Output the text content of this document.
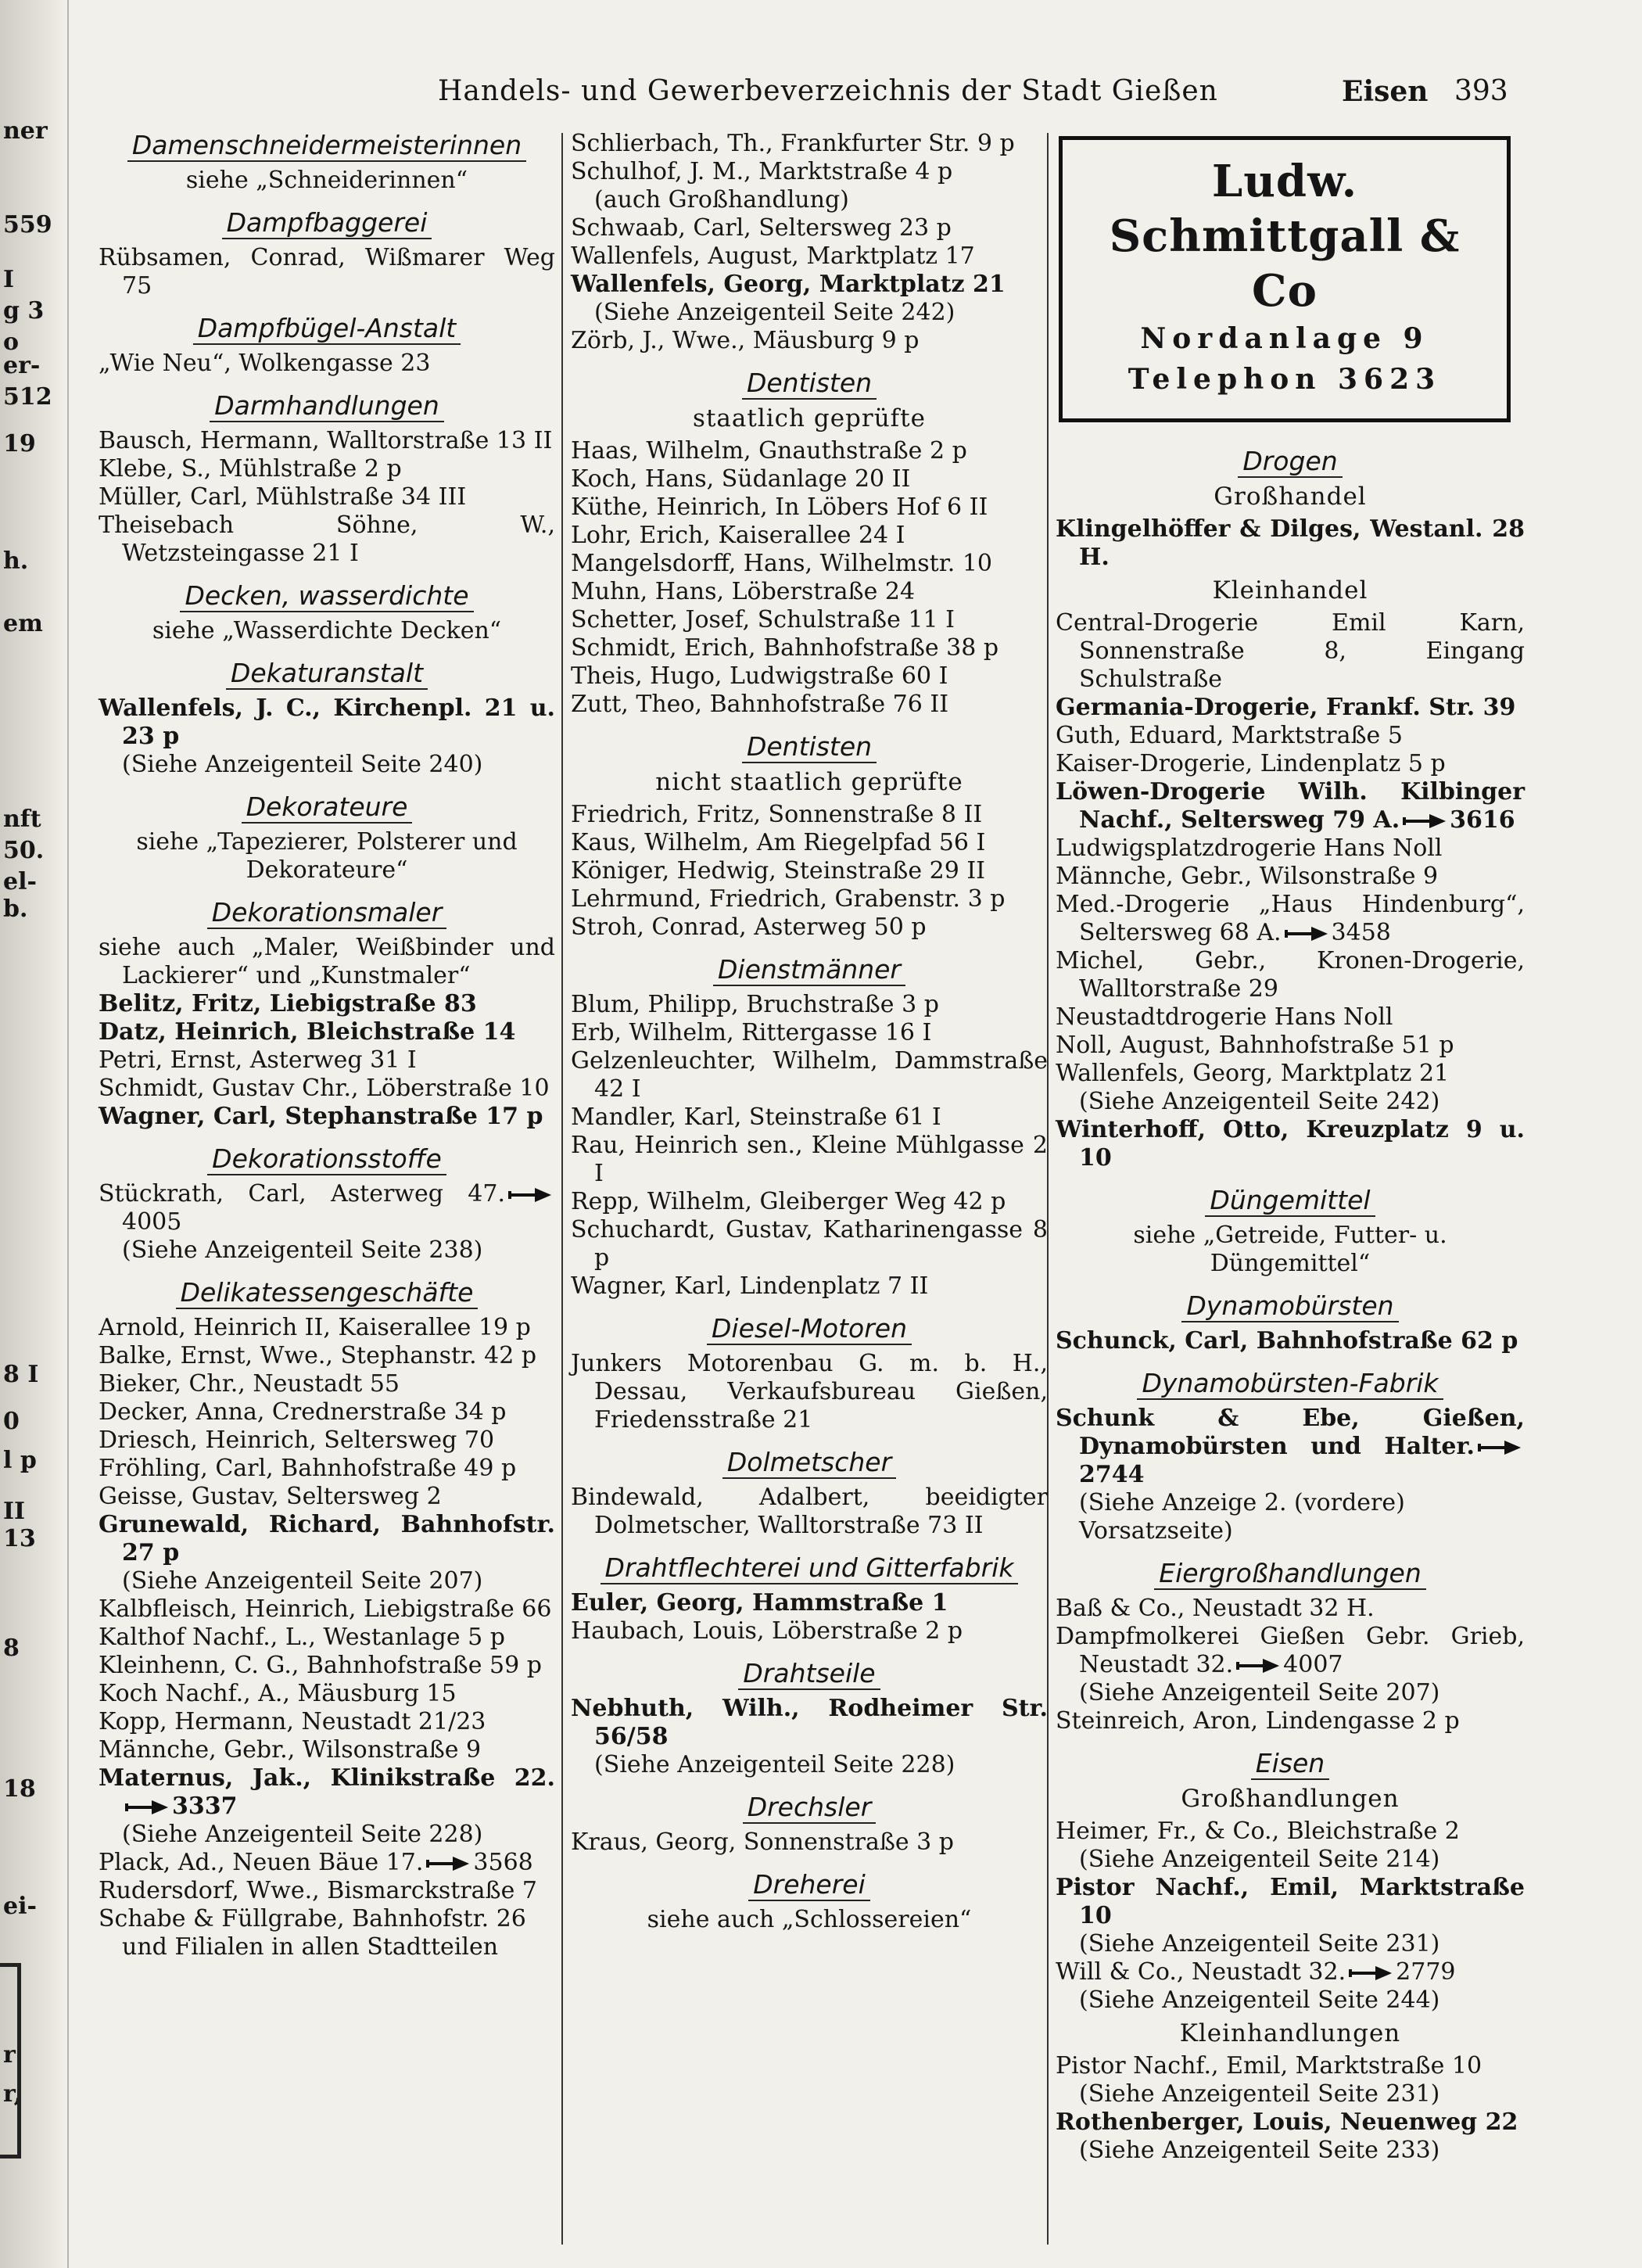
ner
559
I
g 3
o
er-
512
19
h.
em
nft
50.
el-
b.
8 I
0
l p
II
13
8
18
ei-
r
r,
Handels- und Gewerbeverzeichnis der Stadt Gießen	Eisen 393
Damenschneidermeisterinnen
siehe „Schneiderinnen“
Dampfbaggerei
Rübsamen, Conrad, Wißmarer Weg 75
Dampfbügel-Anstalt
„Wie Neu“, Wolkengasse 23
Darmhandlungen
Bausch, Hermann, Walltorstraße 13 II
Klebe, S., Mühlstraße 2 p
Müller, Carl, Mühlstraße 34 III
Theisebach Söhne, W., Wetzsteingasse 21 I
Decken, wasserdichte
siehe „Wasserdichte Decken“
Dekaturanstalt
Wallenfels, J. C., Kirchenpl. 21 u. 23 p
(Siehe Anzeigenteil Seite 240)
Dekorateure
siehe „Tapezierer, Polsterer und Dekorateure“
Dekorationsmaler
siehe auch „Maler, Weißbinder und Lackierer“ und „Kunstmaler“
Belitz, Fritz, Liebigstraße 83
Datz, Heinrich, Bleichstraße 14
Petri, Ernst, Asterweg 31 I
Schmidt, Gustav Chr., Löberstraße 10
Wagner, Carl, Stephanstraße 17 p
Dekorationsstoffe
Stückrath, Carl, Asterweg 47.4005
(Siehe Anzeigenteil Seite 238)
Delikatessengeschäfte
Arnold, Heinrich II, Kaiserallee 19 p
Balke, Ernst, Wwe., Stephanstr. 42 p
Bieker, Chr., Neustadt 55
Decker, Anna, Crednerstraße 34 p
Driesch, Heinrich, Seltersweg 70
Fröhling, Carl, Bahnhofstraße 49 p
Geisse, Gustav, Seltersweg 2
Grunewald, Richard, Bahnhofstr. 27 p
(Siehe Anzeigenteil Seite 207)
Kalbfleisch, Heinrich, Liebigstraße 66
Kalthof Nachf., L., Westanlage 5 p
Kleinhenn, C. G., Bahnhofstraße 59 p
Koch Nachf., A., Mäusburg 15
Kopp, Hermann, Neustadt 21/23
Männche, Gebr., Wilsonstraße 9
Maternus, Jak., Klinikstraße 22. 3337
(Siehe Anzeigenteil Seite 228)
Plack, Ad., Neuen Bäue 17. 3568
Rudersdorf, Wwe., Bismarckstraße 7
Schabe & Füllgrabe, Bahnhofstr. 26
und Filialen in allen Stadtteilen
Schlierbach, Th., Frankfurter Str. 9 p
Schulhof, J. M., Marktstraße 4 p
(auch Großhandlung)
Schwaab, Carl, Seltersweg 23 p
Wallenfels, August, Marktplatz 17
Wallenfels, Georg, Marktplatz 21
(Siehe Anzeigenteil Seite 242)
Zörb, J., Wwe., Mäusburg 9 p
Dentisten
staatlich geprüfte
Haas, Wilhelm, Gnauthstraße 2 p
Koch, Hans, Südanlage 20 II
Küthe, Heinrich, In Löbers Hof 6 II
Lohr, Erich, Kaiserallee 24 I
Mangelsdorff, Hans, Wilhelmstr. 10
Muhn, Hans, Löberstraße 24
Schetter, Josef, Schulstraße 11 I
Schmidt, Erich, Bahnhofstraße 38 p
Theis, Hugo, Ludwigstraße 60 I
Zutt, Theo, Bahnhofstraße 76 II
Dentisten
nicht staatlich geprüfte
Friedrich, Fritz, Sonnenstraße 8 II
Kaus, Wilhelm, Am Riegelpfad 56 I
Königer, Hedwig, Steinstraße 29 II
Lehrmund, Friedrich, Grabenstr. 3 p
Stroh, Conrad, Asterweg 50 p
Dienstmänner
Blum, Philipp, Bruchstraße 3 p
Erb, Wilhelm, Rittergasse 16 I
Gelzenleuchter, Wilhelm, Dammstraße 42 I
Mandler, Karl, Steinstraße 61 I
Rau, Heinrich sen., Kleine Mühlgasse 2 I
Repp, Wilhelm, Gleiberger Weg 42 p
Schuchardt, Gustav, Katharinengasse 8 p
Wagner, Karl, Lindenplatz 7 II
Diesel-Motoren
Junkers Motorenbau G. m. b. H., Dessau, Verkaufsbureau Gießen, Friedensstraße 21
Dolmetscher
Bindewald, Adalbert, beeidigter Dolmetscher, Walltorstraße 73 II
Drahtflechterei und Gitterfabrik
Euler, Georg, Hammstraße 1
Haubach, Louis, Löberstraße 2 p
Drahtseile
Nebhuth, Wilh., Rodheimer Str. 56/58
(Siehe Anzeigenteil Seite 228)
Drechsler
Kraus, Georg, Sonnenstraße 3 p
Dreherei
siehe auch „Schlossereien“
Ludw. Schmittgall & Co
Nordanlage 9
Telephon 3623
Drogen
Großhandel
Klingelhöffer & Dilges, Westanl. 28 H.
Kleinhandel
Central-Drogerie Emil Karn, Sonnenstraße 8, Eingang Schulstraße
Germania-Drogerie, Frankf. Str. 39
Guth, Eduard, Marktstraße 5
Kaiser-Drogerie, Lindenplatz 5 p
Löwen-Drogerie Wilh. Kilbinger Nachf., Seltersweg 79 A. 3616
Ludwigsplatzdrogerie Hans Noll
Männche, Gebr., Wilsonstraße 9
Med.-Drogerie „Haus Hindenburg“, Seltersweg 68 A. 3458
Michel, Gebr., Kronen-Drogerie, Walltorstraße 29
Neustadtdrogerie Hans Noll
Noll, August, Bahnhofstraße 51 p
Wallenfels, Georg, Marktplatz 21
(Siehe Anzeigenteil Seite 242)
Winterhoff, Otto, Kreuzplatz 9 u. 10
Düngemittel
siehe „Getreide, Futter- u. Düngemittel“
Dynamobürsten
Schunck, Carl, Bahnhofstraße 62 p
Dynamobürsten-Fabrik
Schunk & Ebe, Gießen, Dynamobürsten und Halter.2744
(Siehe Anzeige 2. (vordere) Vorsatzseite)
Eiergroßhandlungen
Baß & Co., Neustadt 32 H.
Dampfmolkerei Gießen Gebr. Grieb, Neustadt 32. 4007
(Siehe Anzeigenteil Seite 207)
Steinreich, Aron, Lindengasse 2 p
Eisen
Großhandlungen
Heimer, Fr., & Co., Bleichstraße 2
(Siehe Anzeigenteil Seite 214)
Pistor Nachf., Emil, Marktstraße 10
(Siehe Anzeigenteil Seite 231)
Will & Co., Neustadt 32. 2779
(Siehe Anzeigenteil Seite 244)
Kleinhandlungen
Pistor Nachf., Emil, Marktstraße 10
(Siehe Anzeigenteil Seite 231)
Rothenberger, Louis, Neuenweg 22
(Siehe Anzeigenteil Seite 233)
